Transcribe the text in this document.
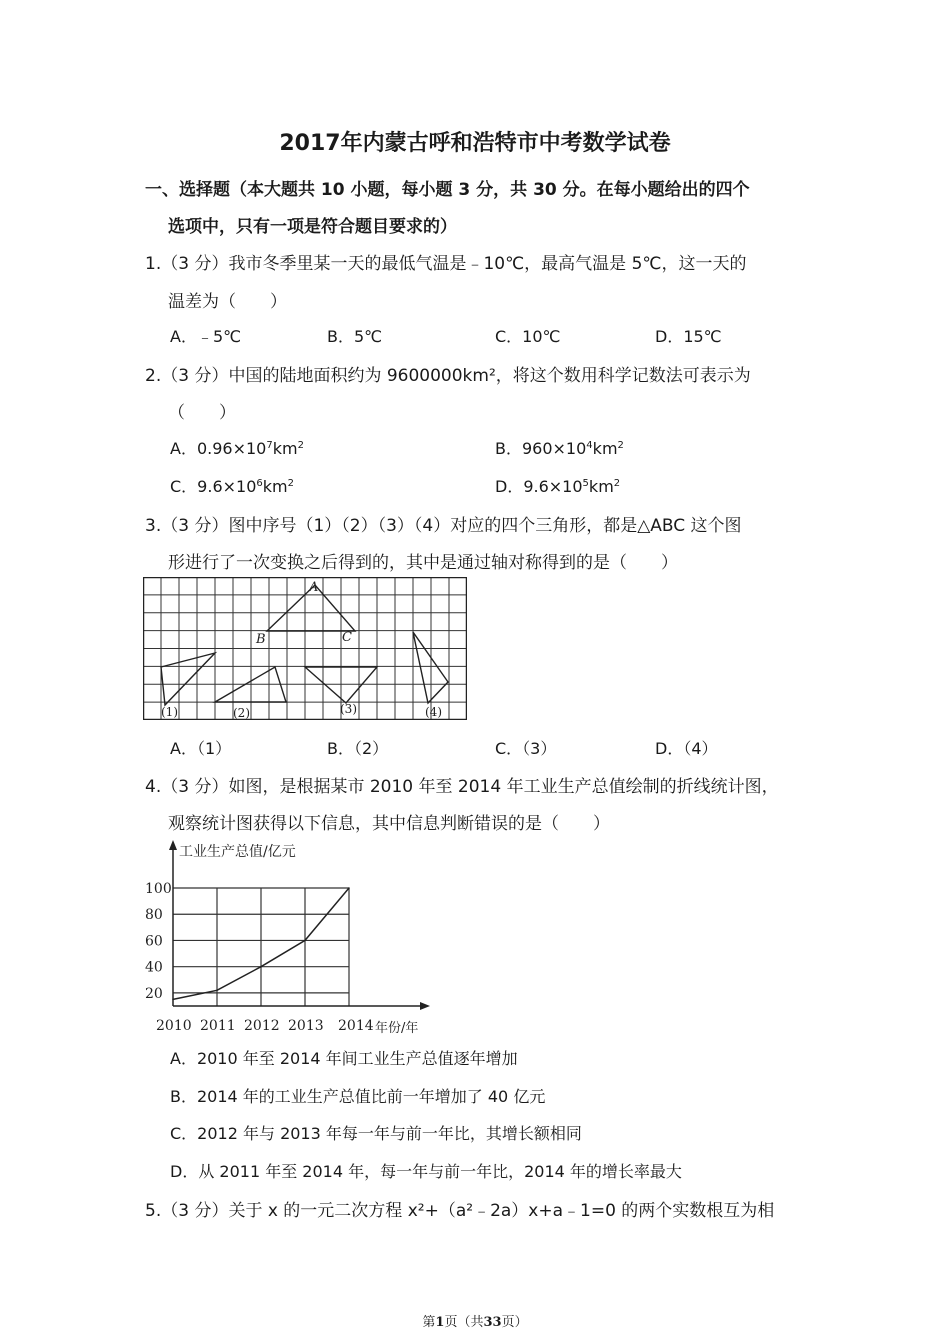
2017年内蒙古呼和浩特市中考数学试卷
一、选择题（本大题共 10 小题，每小题 3 分，共 30 分。在每小题给出的四个
选项中，只有一项是符合题目要求的）
1.（3 分）我市冬季里某一天的最低气温是﹣10℃，最高气温是 5℃，这一天的
温差为（　　）
A．﹣5℃	B．5℃	C．10℃	D．15℃
2.（3 分）中国的陆地面积约为 9600000km²，将这个数用科学记数法可表示为
（　　）
A．$0.96\times 10^7km^2$	B．$960\times 10^4km^2$
C．$9.6\times 10^6km^2$	D．$9.6\times 10^5km^2$
3.（3 分）图中序号（1）（2）（3）（4）对应的四个三角形，都是△ABC 这个图
形进行了一次变换之后得到的，其中是通过轴对称得到的是（　　）
A
B	C
(1)	(2)	(3)	(4)
A．（1）	B．（2）	C．（3）	D．（4）
4.（3 分）如图，是根据某市 2010 年至 2014 年工业生产总值绘制的折线统计图，
观察统计图获得以下信息，其中信息判断错误的是（　　）
工业生产总值/亿元
年份/年
20
40
60
80
100
2010 2011 2012 2013 2014
A．2010 年至 2014 年间工业生产总值逐年增加
B．2014 年的工业生产总值比前一年增加了 40 亿元
C．2012 年与 2013 年每一年与前一年比，其增长额相同
D．从 2011 年至 2014 年，每一年与前一年比，2014 年的增长率最大
5.（3 分）关于 x 的一元二次方程 x²+（a²﹣2a）x+a﹣1=0 的两个实数根互为相
第1页（共33页）
